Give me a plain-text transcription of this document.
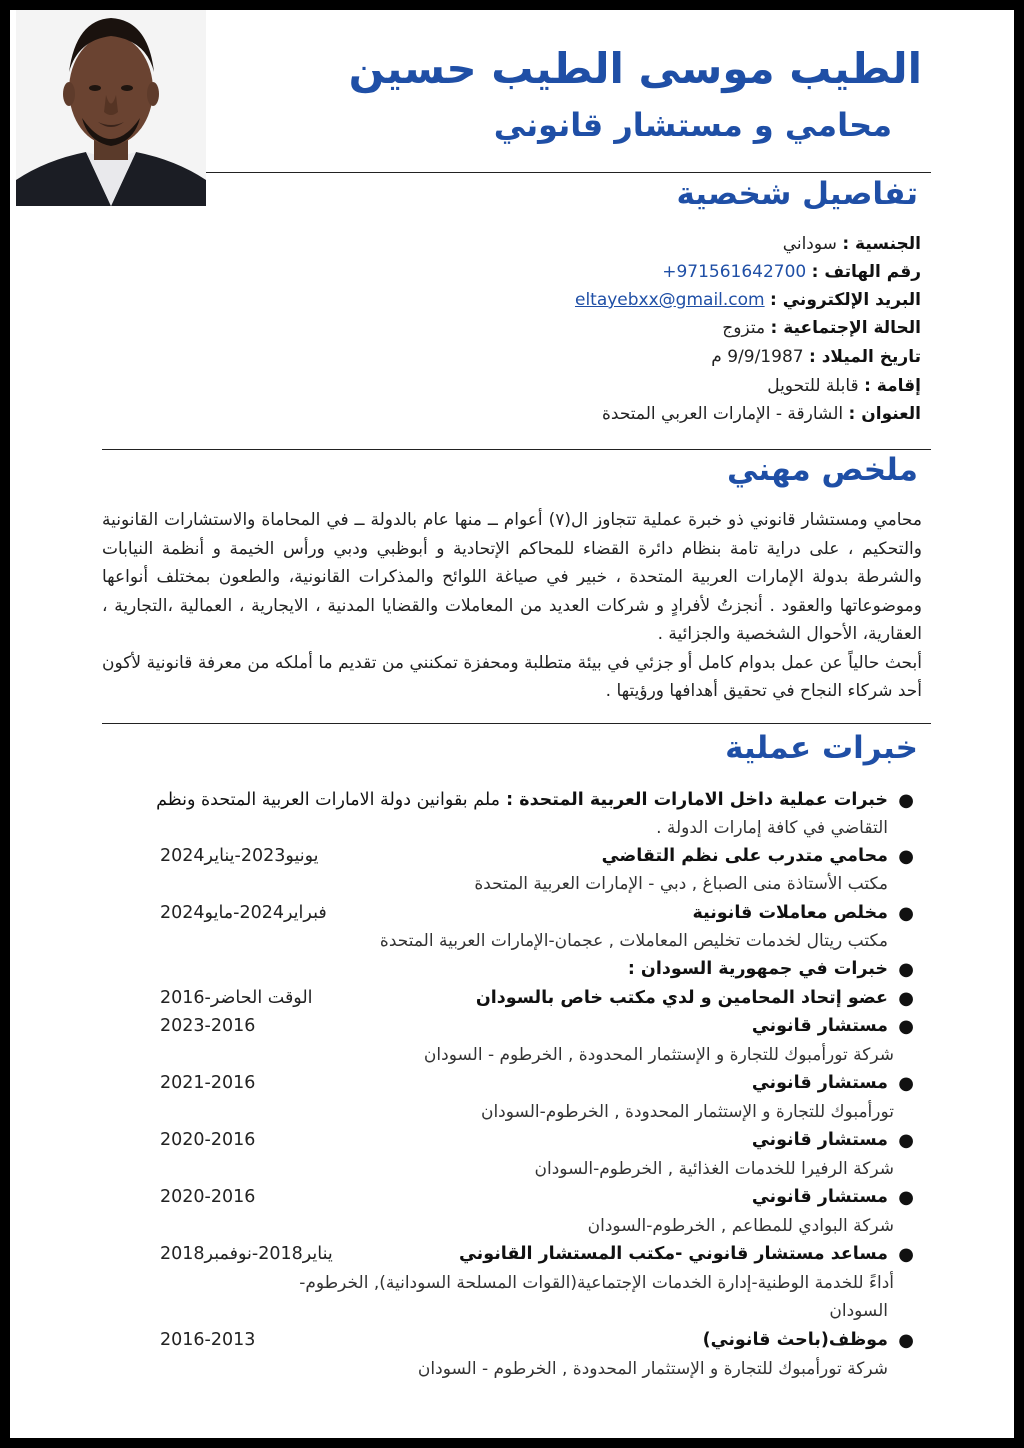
الطيب موسى الطيب حسين
محامي و مستشار قانوني
تفاصيل شخصية
الجنسية : سوداني
رقم الهاتف : +971561642700
البريد الإلكتروني : eltayebxx@gmail.com
الحالة الإجتماعية : متزوج
تاريخ الميلاد : 9/9/1987 م
إقامة : قابلة للتحويل
العنوان : الشارقة - الإمارات العربي المتحدة
ملخص مهني

محامي ومستشار قانوني ذو خبرة عملية تتجاوز ال(٧) أعوام ــ منها عام بالدولة ــ في المحاماة والاستشارات القانونية والتحكيم ، على دراية تامة بنظام دائرة القضاء للمحاكم الإتحادية و أبوظبي ودبي ورأس الخيمة و أنظمة النيابات والشرطة بدولة الإمارات العربية المتحدة ، خبير في صياغة اللوائح والمذكرات القانونية، والطعون بمختلف أنواعها وموضوعاتها والعقود . أنجزتُ لأفرادٍ و شركات العديد من المعاملات والقضايا المدنية ، الايجارية ، العمالية ،التجارية ، العقارية، الأحوال الشخصية والجزائية .

أبحث حالياً عن عمل بدوام كامل أو جزئي في بيئة متطلبة ومحفزة تمكنني من تقديم ما أملكه من معرفة قانونية لأكون أحد شركاء النجاح في تحقيق أهدافها ورؤيتها .

خبرات عملية
●
خبرات عملية داخل الامارات العربية المتحدة : ملم بقوانين دولة الامارات العربية المتحدة ونظم
التقاضي في كافة إمارات الدولة .
●
محامي متدرب على نظم التقاضي
يونيو2023-يناير2024
مكتب الأستاذة منى الصباغ , دبي - الإمارات العربية المتحدة
●
مخلص معاملات قانونية
فبراير2024-مايو2024
مكتب ريتال لخدمات تخليص المعاملات , عجمان-الإمارات العربية المتحدة
●
خبرات في جمهورية السودان :
●
عضو إتحاد المحامين و لدي مكتب خاص بالسودان
2016-الوقت الحاضر
●
مستشار قانوني
2023-2016
شركة تورأمبوك للتجارة و الإستثمار المحدودة , الخرطوم - السودان
●
مستشار قانوني
2021-2016
تورأمبوك للتجارة و الإستثمار المحدودة , الخرطوم-السودان
●
مستشار قانوني
2020-2016
شركة الرفيرا للخدمات الغذائية , الخرطوم-السودان
●
مستشار قانوني
2020-2016
شركة البوادي للمطاعم , الخرطوم-السودان
●
مساعد مستشار قانوني -مكتب المستشار القانوني
يناير2018-نوفمبر2018
أداءً للخدمة الوطنية-إدارة الخدمات الإجتماعية(القوات المسلحة السودانية), الخرطوم-
السودان
●
موظف(باحث قانوني)
2016-2013
شركة تورأمبوك للتجارة و الإستثمار المحدودة , الخرطوم - السودان
